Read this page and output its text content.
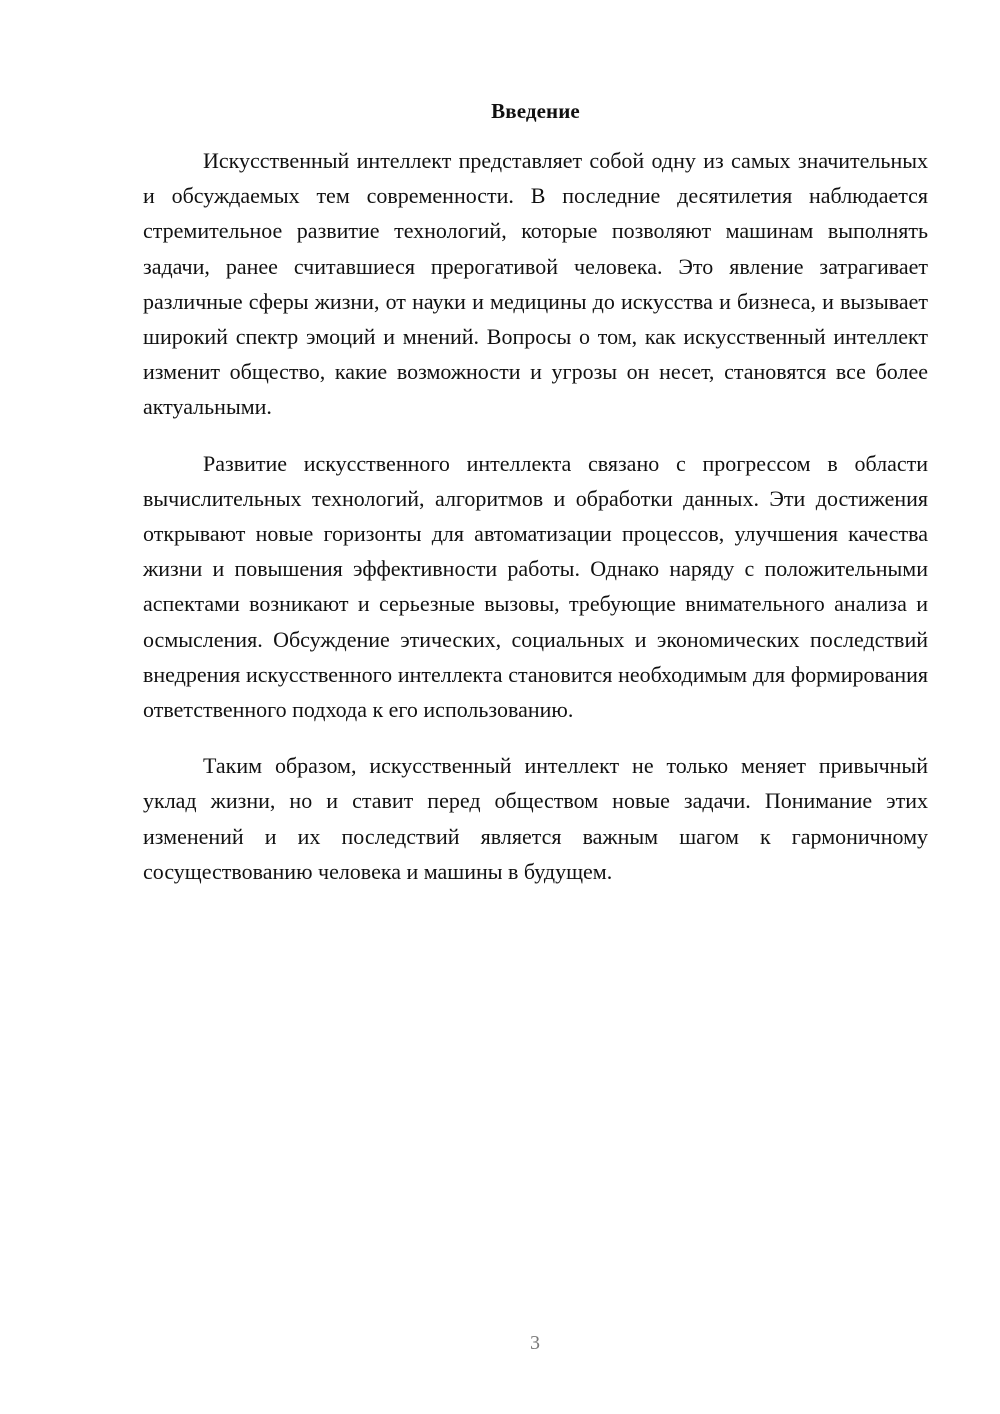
Введение

Искусственный интеллект представляет собой одну из самых значительных и обсуждаемых тем современности. В последние десятилетия наблюдается стремительное развитие технологий, которые позволяют машинам выполнять задачи, ранее считавшиеся прерогативой человека. Это явление затрагивает различные сферы жизни, от науки и медицины до искусства и бизнеса, и вызывает широкий спектр эмоций и мнений. Вопросы о том, как искусственный интеллект изменит общество, какие возможности и угрозы он несет, становятся все более актуальными.

Развитие искусственного интеллекта связано с прогрессом в области вычислительных технологий, алгоритмов и обработки данных. Эти достижения открывают новые горизонты для автоматизации процессов, улучшения качества жизни и повышения эффективности работы. Однако наряду с положительными аспектами возникают и серьезные вызовы, требующие внимательного анализа и осмысления. Обсуждение этических, социальных и экономических последствий внедрения искусственного интеллекта становится необходимым для формирования ответственного подхода к его использованию.

Таким образом, искусственный интеллект не только меняет привычный уклад жизни, но и ставит перед обществом новые задачи. Понимание этих изменений и их последствий является важным шагом к гармоничному сосуществованию человека и машины в будущем.

3
